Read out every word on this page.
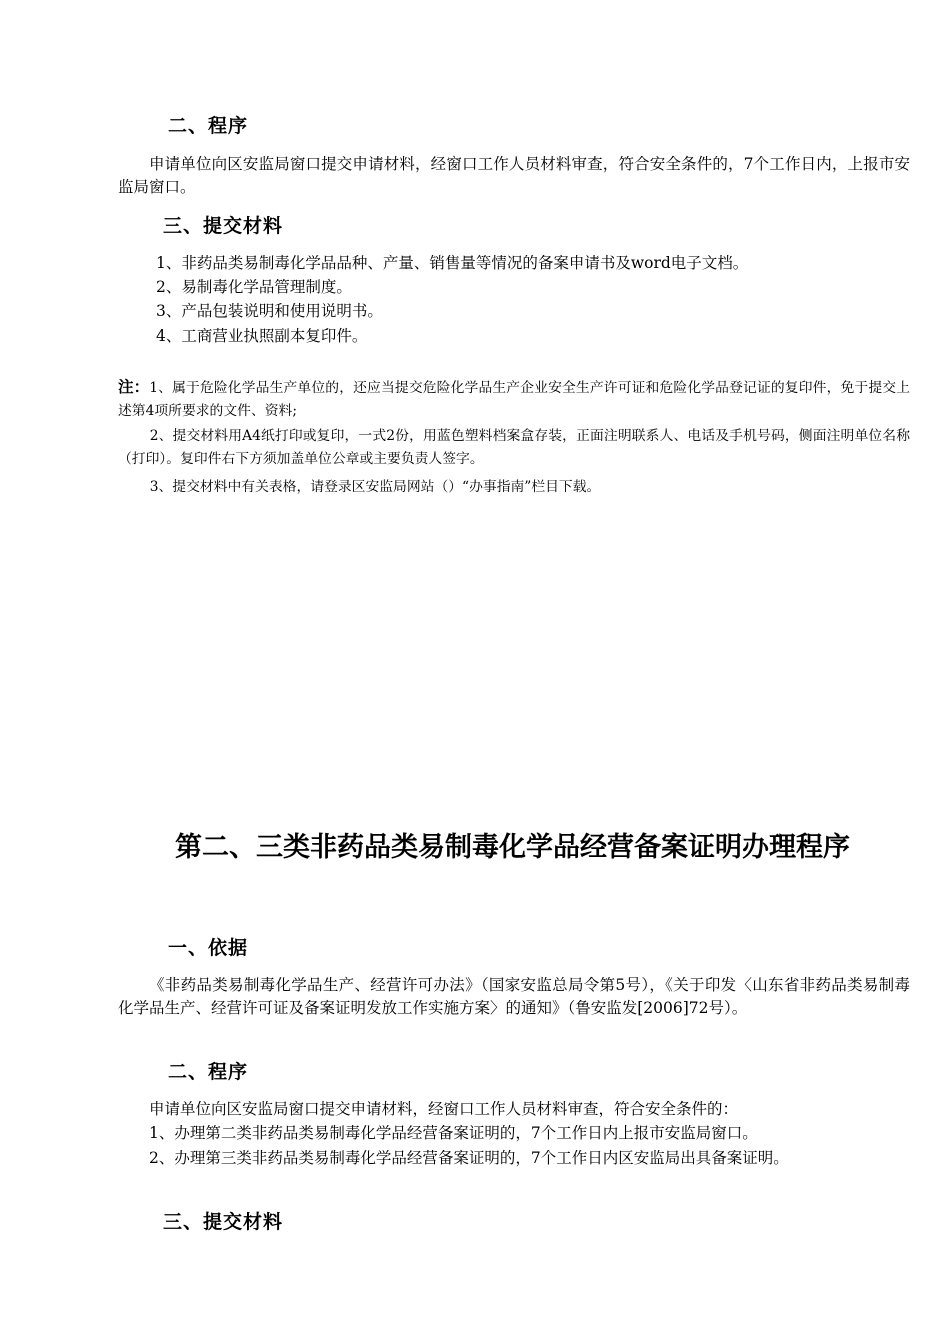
二、程序
申请单位向区安监局窗口提交申请材料，经窗口工作人员材料审查，符合安全条件的，7个工作日内，上报市安监局窗口。
三、提交材料
1、非药品类易制毒化学品品种、产量、销售量等情况的备案申请书及word电子文档。
2、易制毒化学品管理制度。
3、产品包装说明和使用说明书。
4、工商营业执照副本复印件。
注：1、属于危险化学品生产单位的，还应当提交危险化学品生产企业安全生产许可证和危险化学品登记证的复印件，免于提交上述第4项所要求的文件、资料;
2、提交材料用A4纸打印或复印，一式2份，用蓝色塑料档案盒存装，正面注明联系人、电话及手机号码，侧面注明单位名称（打印）。复印件右下方须加盖单位公章或主要负责人签字。
3、提交材料中有关表格，请登录区安监局网站（）“办事指南”栏目下载。
第二、三类非药品类易制毒化学品经营备案证明办理程序
一、依据
《非药品类易制毒化学品生产、经营许可办法》（国家安监总局令第5号），《关于印发〈山东省非药品类易制毒化学品生产、经营许可证及备案证明发放工作实施方案〉的通知》（鲁安监发[2006]72号）。
二、程序
申请单位向区安监局窗口提交申请材料，经窗口工作人员材料审查，符合安全条件的：
1、办理第二类非药品类易制毒化学品经营备案证明的，7个工作日内上报市安监局窗口。
2、办理第三类非药品类易制毒化学品经营备案证明的，7个工作日内区安监局出具备案证明。
三、提交材料
